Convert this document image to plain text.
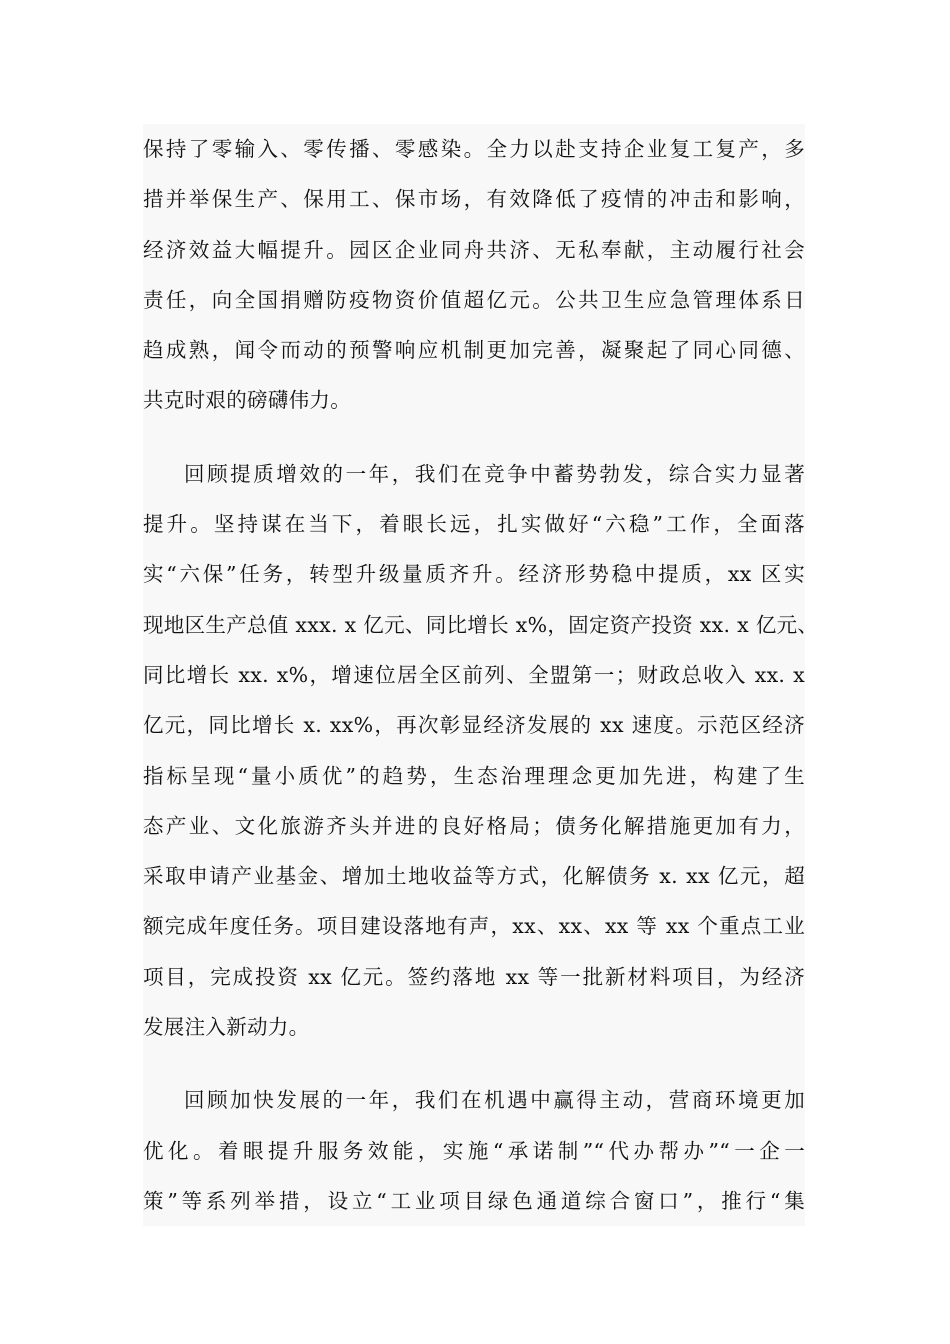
保持了零输入、零传播、零感染。全力以赴支持企业复工复产，多
措并举保生产、保用工、保市场，有效降低了疫情的冲击和影响，
经济效益大幅提升。园区企业同舟共济、无私奉献，主动履行社会
责任，向全国捐赠防疫物资价值超亿元。公共卫生应急管理体系日
趋成熟，闻令而动的预警响应机制更加完善，凝聚起了同心同德、
共克时艰的磅礴伟力。
回顾提质增效的一年，我们在竞争中蓄势勃发，综合实力显著
提升。坚持谋在当下，着眼长远，扎实做好“六稳”工作，全面落
实“六保”任务，转型升级量质齐升。经济形势稳中提质，xx 区实
现地区生产总值 xxx. x 亿元、同比增长 x%，固定资产投资 xx. x 亿元、
同比增长 xx. x%，增速位居全区前列、全盟第一；财政总收入 xx. x
亿元，同比增长 x. xx%，再次彰显经济发展的 xx 速度。示范区经济
指标呈现“量小质优”的趋势，生态治理理念更加先进，构建了生
态产业、文化旅游齐头并进的良好格局；债务化解措施更加有力，
采取申请产业基金、增加土地收益等方式，化解债务 x. xx 亿元，超
额完成年度任务。项目建设落地有声，xx、xx、xx 等 xx 个重点工业
项目，完成投资 xx 亿元。签约落地 xx 等一批新材料项目，为经济
发展注入新动力。
回顾加快发展的一年，我们在机遇中赢得主动，营商环境更加
优化。着眼提升服务效能，实施“承诺制”“代办帮办”“一企一
策”等系列举措，设立“工业项目绿色通道综合窗口”，推行“集
